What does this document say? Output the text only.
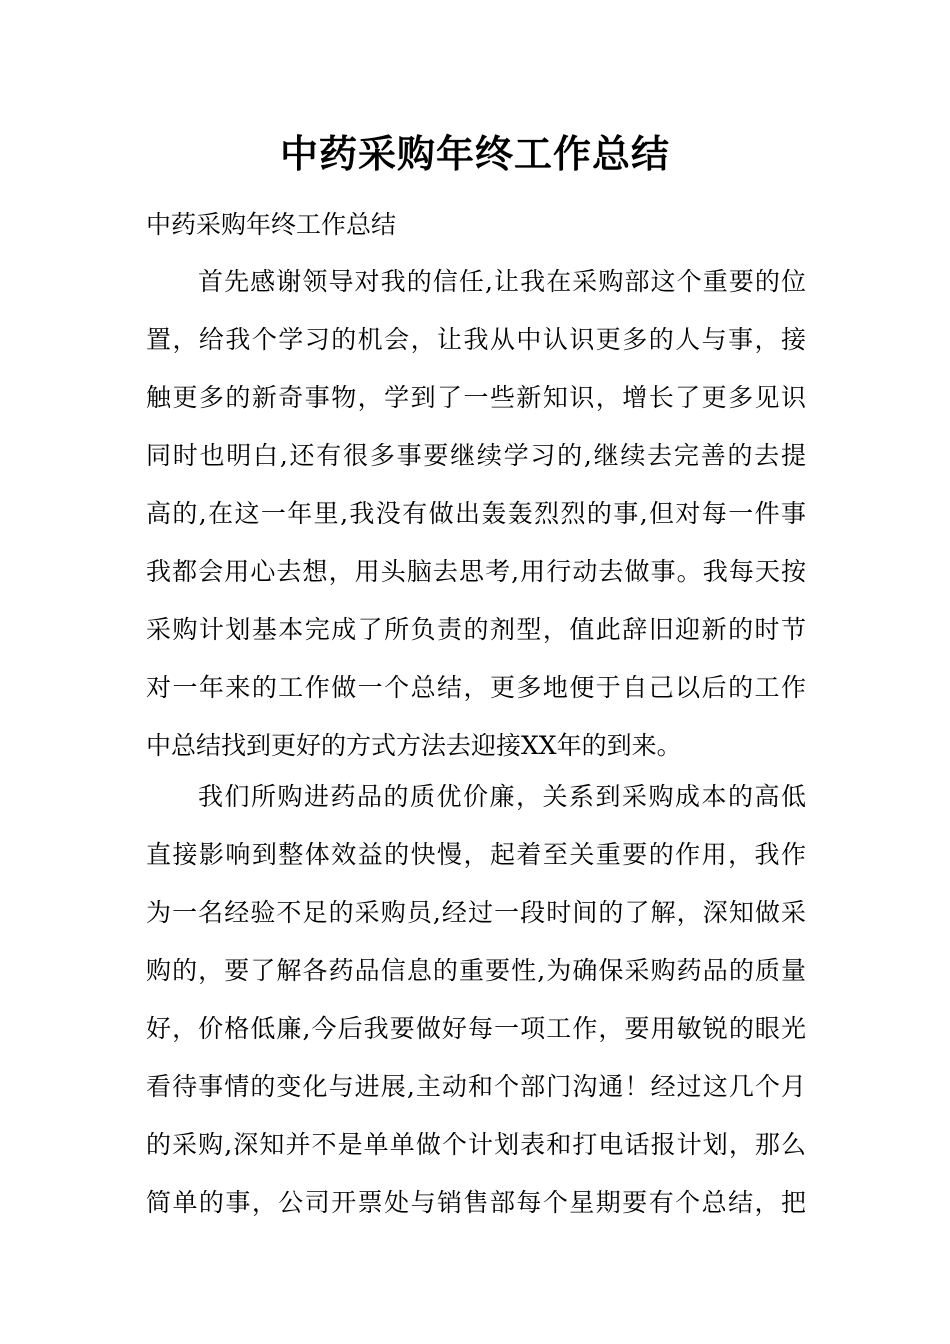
中药采购年终工作总结

中药采购年终工作总结

首先感谢领导对我的信任,让我在采购部这个重要的位
置，给我个学习的机会，让我从中认识更多的人与事，接
触更多的新奇事物，学到了一些新知识，增长了更多见识
同时也明白,还有很多事要继续学习的,继续去完善的去提
高的,在这一年里,我没有做出轰轰烈烈的事,但对每一件事
我都会用心去想，用头脑去思考,用行动去做事。我每天按
采购计划基本完成了所负责的剂型，值此辞旧迎新的时节
对一年来的工作做一个总结，更多地便于自己以后的工作
中总结找到更好的方式方法去迎接XX年的到来。
我们所购进药品的质优价廉，关系到采购成本的高低
直接影响到整体效益的快慢，起着至关重要的作用，我作
为一名经验不足的采购员,经过一段时间的了解，深知做采
购的，要了解各药品信息的重要性,为确保采购药品的质量
好，价格低廉,今后我要做好每一项工作，要用敏锐的眼光
看待事情的变化与进展,主动和个部门沟通！经过这几个月
的采购,深知并不是单单做个计划表和打电话报计划，那么
简单的事，公司开票处与销售部每个星期要有个总结，把
